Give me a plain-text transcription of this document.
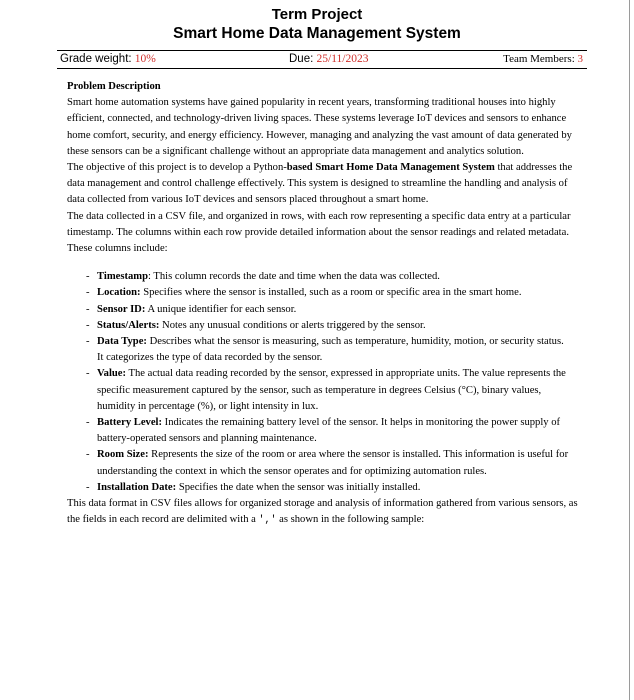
Term Project
Smart Home Data Management System
Grade weight: 10%	Due: 25/11/2023	Team Members: 3

Problem Description

Smart home automation systems have gained popularity in recent years, transforming traditional houses into highly efficient, connected, and technology-driven living spaces. These systems leverage IoT devices and sensors to enhance home comfort, security, and energy efficiency. However, managing and analyzing the vast amount of data generated by these sensors can be a significant challenge without an appropriate data management and analytics solution.

The objective of this project is to develop a Python-based Smart Home Data Management System that addresses the data management and control challenge effectively. This system is designed to streamline the handling and analysis of data collected from various IoT devices and sensors placed throughout a smart home.

The data collected in a CSV file, and organized in rows, with each row representing a specific data entry at a particular timestamp. The columns within each row provide detailed information about the sensor readings and related metadata. These columns include:

- Timestamp: This column records the date and time when the data was collected.
- Location: Specifies where the sensor is installed, such as a room or specific area in the smart home.
- Sensor ID: A unique identifier for each sensor.
- Status/Alerts: Notes any unusual conditions or alerts triggered by the sensor.
- Data Type: Describes what the sensor is measuring, such as temperature, humidity, motion, or security status. It categorizes the type of data recorded by the sensor.
- Value: The actual data reading recorded by the sensor, expressed in appropriate units. The value represents the specific measurement captured by the sensor, such as temperature in degrees Celsius (°C), binary values, humidity in percentage (%), or light intensity in lux.
- Battery Level: Indicates the remaining battery level of the sensor. It helps in monitoring the power supply of battery-operated sensors and planning maintenance.
- Room Size: Represents the size of the room or area where the sensor is installed. This information is useful for understanding the context in which the sensor operates and for optimizing automation rules.
- Installation Date: Specifies the date when the sensor was initially installed.

This data format in CSV files allows for organized storage and analysis of information gathered from various sensors, as the fields in each record are delimited with a ',' as shown in the following sample:
